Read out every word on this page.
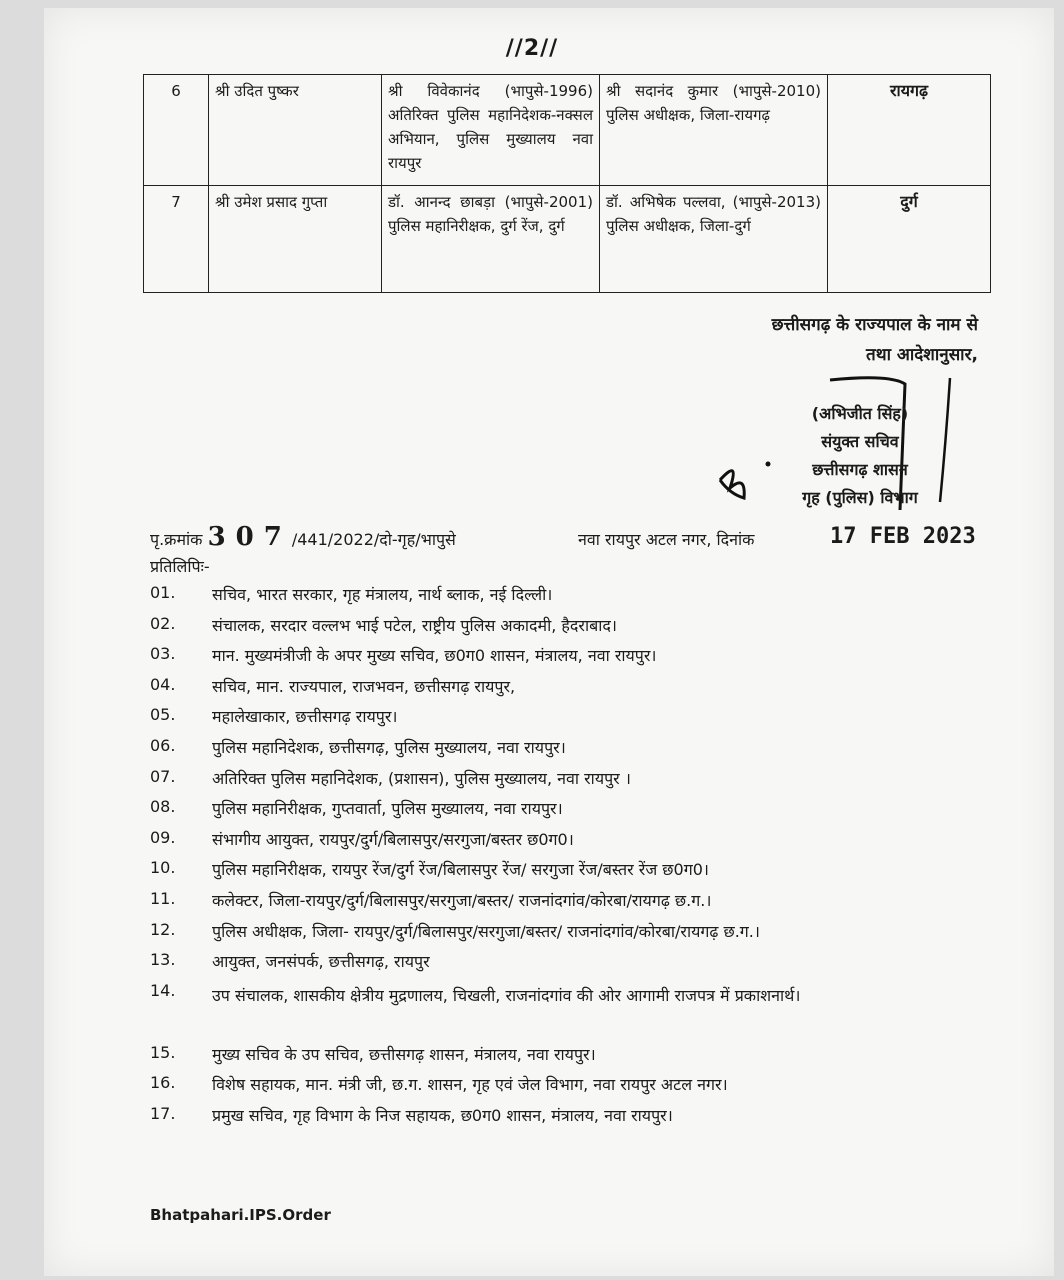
//2//
6	श्री उदित पुष्कर	श्री विवेकानंद (भापुसे-1996) अतिरिक्त पुलिस महानिदेशक-नक्सल अभियान, पुलिस मुख्यालय नवा रायपुर	श्री सदानंद कुमार (भापुसे-2010) पुलिस अधीक्षक, जिला-रायगढ़	रायगढ़
7	श्री उमेश प्रसाद गुप्ता	डॉ. आनन्द छाबड़ा (भापुसे-2001) पुलिस महानिरीक्षक, दुर्ग रेंज, दुर्ग	डॉ. अभिषेक पल्लवा, (भापुसे-2013) पुलिस अधीक्षक, जिला-दुर्ग	दुर्ग
छत्तीसगढ़ के राज्यपाल के नाम से
तथा आदेशानुसार,
(अभिजीत सिंह)
संयुक्त सचिव
छत्तीसगढ़ शासन
गृह (पुलिस) विभाग
पृ.क्रमांक 307/441/2022/दो-गृह/भापुसे	नवा रायपुर अटल नगर, दिनांक	17 FEB 2023
प्रतिलिपिः-
01.	सचिव, भारत सरकार, गृह मंत्रालय, नार्थ ब्लाक, नई दिल्ली।
02.	संचालक, सरदार वल्लभ भाई पटेल, राष्ट्रीय पुलिस अकादमी, हैदराबाद।
03.	मान. मुख्यमंत्रीजी के अपर मुख्य सचिव, छ0ग0 शासन, मंत्रालय, नवा रायपुर।
04.	सचिव, मान. राज्यपाल, राजभवन, छत्तीसगढ़ रायपुर,
05.	महालेखाकार, छत्तीसगढ़ रायपुर।
06.	पुलिस महानिदेशक, छत्तीसगढ़, पुलिस मुख्यालय, नवा रायपुर।
07.	अतिरिक्त पुलिस महानिदेशक, (प्रशासन), पुलिस मुख्यालय, नवा रायपुर ।
08.	पुलिस महानिरीक्षक, गुप्तवार्ता, पुलिस मुख्यालय, नवा रायपुर।
09.	संभागीय आयुक्त, रायपुर/दुर्ग/बिलासपुर/सरगुजा/बस्तर छ0ग0।
10.	पुलिस महानिरीक्षक, रायपुर रेंज/दुर्ग रेंज/बिलासपुर रेंज/ सरगुजा रेंज/बस्तर रेंज छ0ग0।
11.	कलेक्टर, जिला-रायपुर/दुर्ग/बिलासपुर/सरगुजा/बस्तर/ राजनांदगांव/कोरबा/रायगढ़ छ.ग.।
12.	पुलिस अधीक्षक, जिला- रायपुर/दुर्ग/बिलासपुर/सरगुजा/बस्तर/ राजनांदगांव/कोरबा/रायगढ़ छ.ग.।
13.	आयुक्त, जनसंपर्क, छत्तीसगढ़, रायपुर
14.	उप संचालक, शासकीय क्षेत्रीय मुद्रणालय, चिखली, राजनांदगांव की ओर आगामी राजपत्र में प्रकाशनार्थ।
15.	मुख्य सचिव के उप सचिव, छत्तीसगढ़ शासन, मंत्रालय, नवा रायपुर।
16.	विशेष सहायक, मान. मंत्री जी, छ.ग. शासन, गृह एवं जेल विभाग, नवा रायपुर अटल नगर।
17.	प्रमुख सचिव, गृह विभाग के निज सहायक, छ0ग0 शासन, मंत्रालय, नवा रायपुर।
Bhatpahari.IPS.Order
